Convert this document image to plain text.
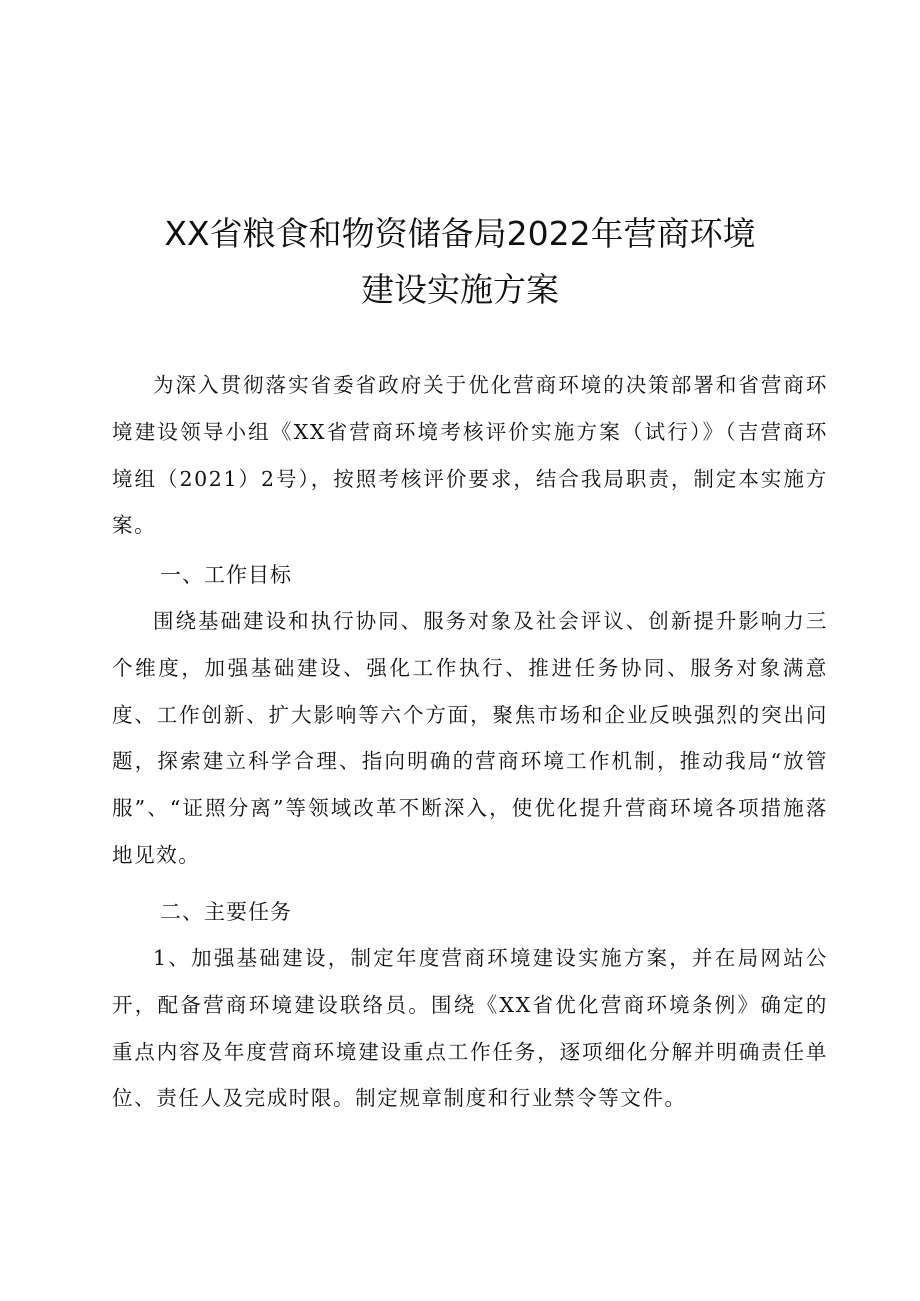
XX省粮食和物资储备局2022年营商环境
建设实施方案

为深入贯彻落实省委省政府关于优化营商环境的决策部署和省营商环境建设领导小组《XX省营商环境考核评价实施方案（试行）》（吉营商环境组（2021）2号），按照考核评价要求，结合我局职责，制定本实施方案。

一、工作目标

围绕基础建设和执行协同、服务对象及社会评议、创新提升影响力三个维度，加强基础建设、强化工作执行、推进任务协同、服务对象满意度、工作创新、扩大影响等六个方面，聚焦市场和企业反映强烈的突出问题，探索建立科学合理、指向明确的营商环境工作机制，推动我局“放管服”、“证照分离”等领域改革不断深入，使优化提升营商环境各项措施落地见效。

二、主要任务

1、加强基础建设，制定年度营商环境建设实施方案，并在局网站公开，配备营商环境建设联络员。围绕《XX省优化营商环境条例》确定的重点内容及年度营商环境建设重点工作任务，逐项细化分解并明确责任单位、责任人及完成时限。制定规章制度和行业禁令等文件。
